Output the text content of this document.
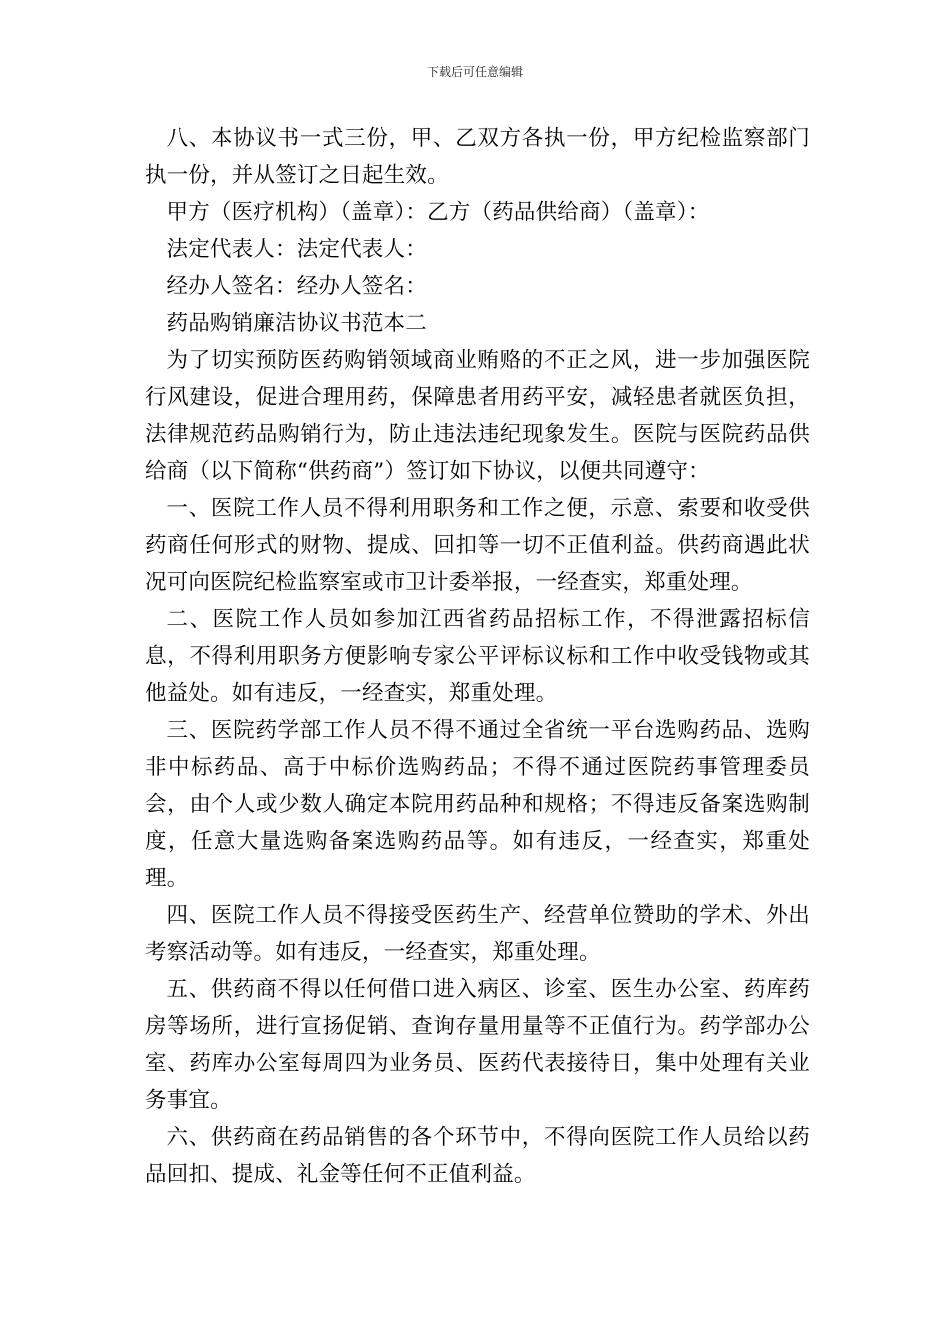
下载后可任意编辑

八、本协议书一式三份，甲、乙双方各执一份，甲方纪检监察部门执一份，并从签订之日起生效。

甲方（医疗机构）（盖章）：乙方（药品供给商）（盖章）：

法定代表人：法定代表人：

经办人签名：经办人签名：

药品购销廉洁协议书范本二

为了切实预防医药购销领域商业贿赂的不正之风，进一步加强医院行风建设，促进合理用药，保障患者用药平安，减轻患者就医负担，法律规范药品购销行为，防止违法违纪现象发生。医院与医院药品供给商（以下简称“供药商”）签订如下协议，以便共同遵守：

一、医院工作人员不得利用职务和工作之便，示意、索要和收受供药商任何形式的财物、提成、回扣等一切不正值利益。供药商遇此状况可向医院纪检监察室或市卫计委举报，一经查实，郑重处理。

二、医院工作人员如参加江西省药品招标工作，不得泄露招标信息，不得利用职务方便影响专家公平评标议标和工作中收受钱物或其他益处。如有违反，一经查实，郑重处理。

三、医院药学部工作人员不得不通过全省统一平台选购药品、选购非中标药品、高于中标价选购药品；不得不通过医院药事管理委员会，由个人或少数人确定本院用药品种和规格；不得违反备案选购制度，任意大量选购备案选购药品等。如有违反，一经查实，郑重处理。

四、医院工作人员不得接受医药生产、经营单位赞助的学术、外出考察活动等。如有违反，一经查实，郑重处理。

五、供药商不得以任何借口进入病区、诊室、医生办公室、药库药房等场所，进行宣扬促销、查询存量用量等不正值行为。药学部办公室、药库办公室每周四为业务员、医药代表接待日，集中处理有关业务事宜。

六、供药商在药品销售的各个环节中，不得向医院工作人员给以药品回扣、提成、礼金等任何不正值利益。
